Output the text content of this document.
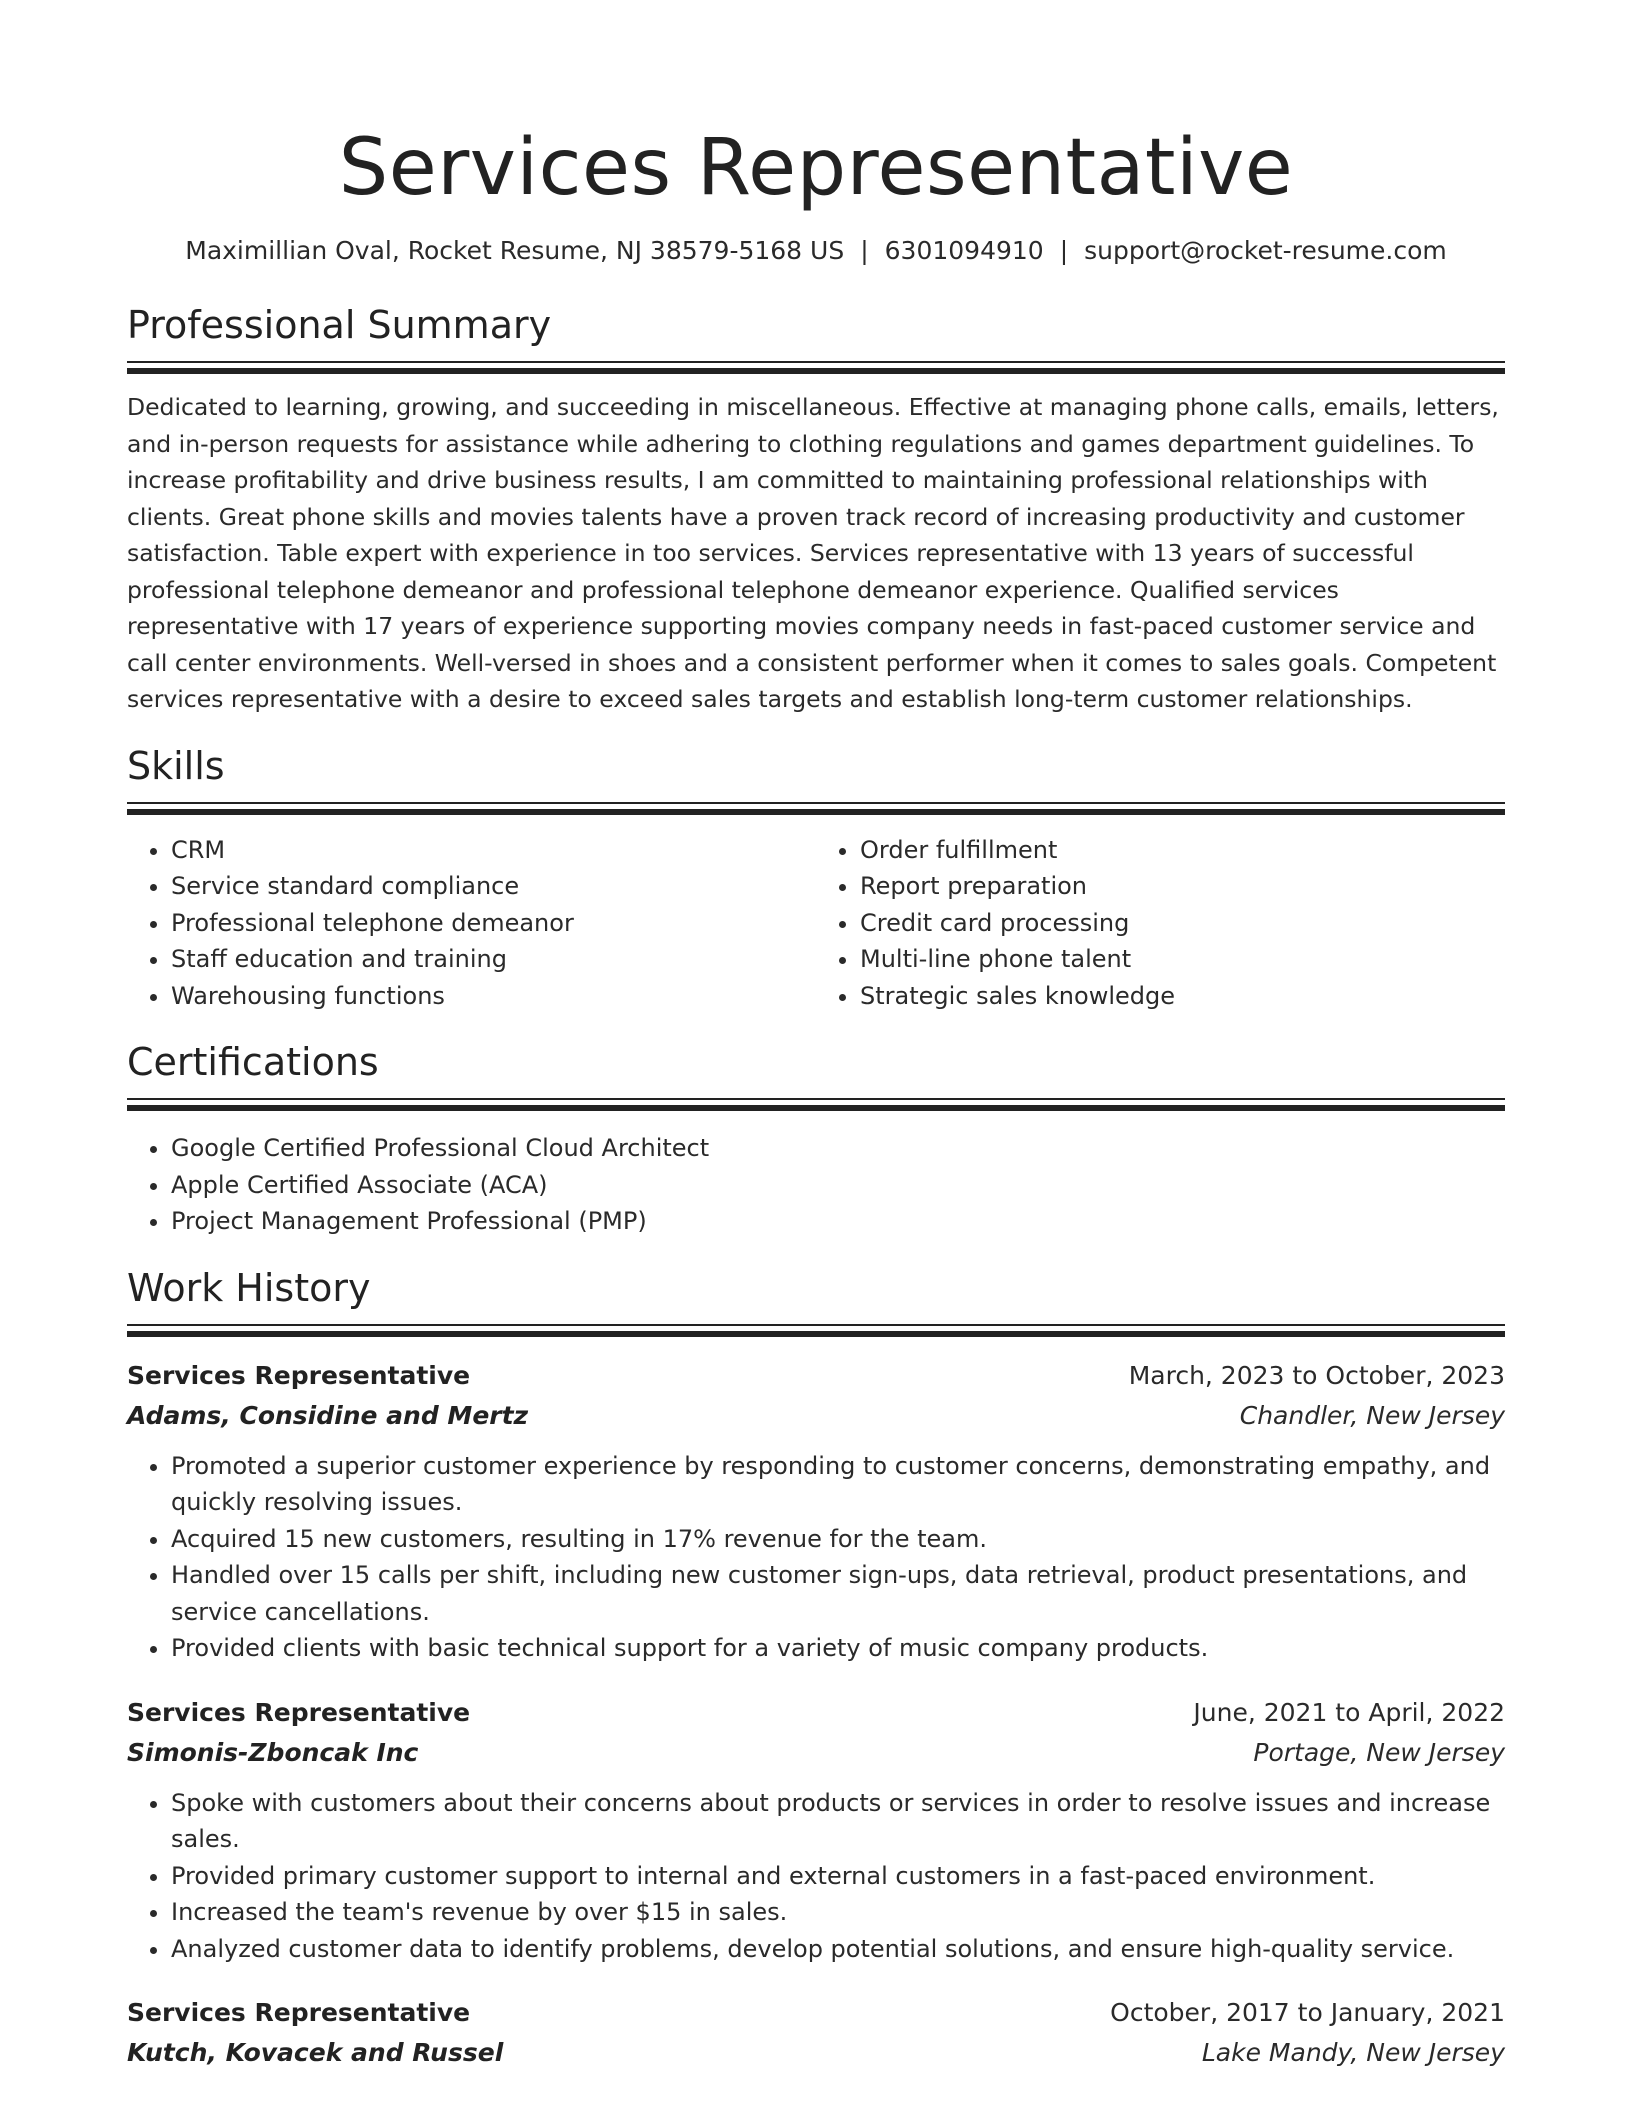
Services Representative
Maximillian Oval, Rocket Resume, NJ 38579-5168 US | 6301094910 | support@rocket-resume.com
Professional Summary

Dedicated to learning, growing, and succeeding in miscellaneous. Effective at managing phone calls, emails, letters, and in-person requests for assistance while adhering to clothing regulations and games department guidelines. To increase profitability and drive business results, I am committed to maintaining professional relationships with clients. Great phone skills and movies talents have a proven track record of increasing productivity and customer satisfaction. Table expert with experience in too services. Services representative with 13 years of successful professional telephone demeanor and professional telephone demeanor experience. Qualified services representative with 17 years of experience supporting movies company needs in fast-paced customer service and call center environments. Well-versed in shoes and a consistent performer when it comes to sales goals. Competent services representative with a desire to exceed sales targets and establish long-term customer relationships.

Skills
• CRM
• Service standard compliance
• Professional telephone demeanor
• Staff education and training
• Warehousing functions
• Order fulfillment
• Report preparation
• Credit card processing
• Multi-line phone talent
• Strategic sales knowledge
Certifications
• Google Certified Professional Cloud Architect
• Apple Certified Associate (ACA)
• Project Management Professional (PMP)
Work History
Services Representative	March, 2023 to October, 2023
Adams, Considine and Mertz	Chandler, New Jersey
• Promoted a superior customer experience by responding to customer concerns, demonstrating empathy, and quickly resolving issues.
• Acquired 15 new customers, resulting in 17% revenue for the team.
• Handled over 15 calls per shift, including new customer sign-ups, data retrieval, product presentations, and service cancellations.
• Provided clients with basic technical support for a variety of music company products.
Services Representative	June, 2021 to April, 2022
Simonis-Zboncak Inc	Portage, New Jersey
• Spoke with customers about their concerns about products or services in order to resolve issues and increase sales.
• Provided primary customer support to internal and external customers in a fast-paced environment.
• Increased the team's revenue by over $15 in sales.
• Analyzed customer data to identify problems, develop potential solutions, and ensure high-quality service.
Services Representative	October, 2017 to January, 2021
Kutch, Kovacek and Russel	Lake Mandy, New Jersey
